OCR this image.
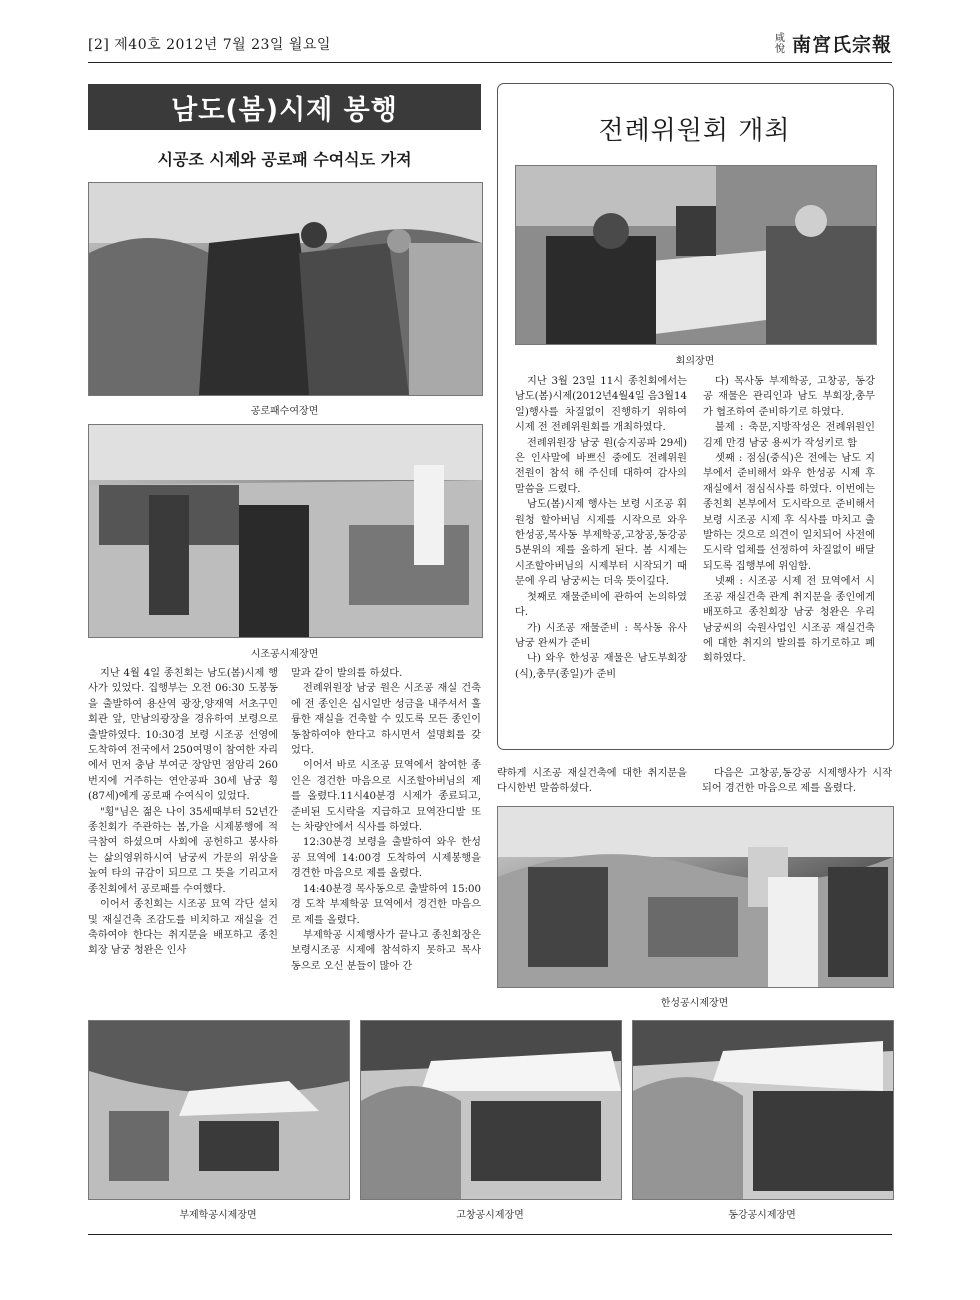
[2] 제40호 2012년 7월 23일 월요일	咸悅 南宮氏宗報
남도(봄)시제 봉행
시공조 시제와 공로패 수여식도 가져
공로패수여장면
시조공시제장면

지난 4월 4일 종친회는 남도(봄)시제 행사가 있었다. 집행부는 오전 06:30 도봉동을 출발하여 용산역 광장,양재역 서초구민회관 앞, 만남의광장을 경유하여 보령으로 출발하였다. 10:30경 보령 시조공 선영에 도착하여 전국에서 250여명이 참여한 자리에서 먼저 충남 부여군 장암면 점암리 260번지에 거주하는 연안공파 30세 남궁 횡(87세)에게 공로패 수여식이 있었다.

"횡"님은 젊은 나이 35세때부터 52년간 종친회가 주관하는 봄,가을 시제봉행에 적극참여 하셨으며 사회에 공헌하고 봉사하는 삶의영위하시여 남궁씨 가문의 위상을 높여 타의 규감이 되므로 그 뜻을 기리고저 종친회에서 공로패를 수여했다.

이어서 종친회는 시조공 묘역 각단 설치 및 재실건축 조감도를 비치하고 재실을 건축하여야 한다는 취지문을 배포하고 종친회장 남궁 청완은 인사

말과 같이 발의를 하셨다.

전례위원장 남궁 원은 시조공 재실 건축에 전 종인은 십시일반 성금을 내주셔서 훌륭한 재실을 건축할 수 있도록 모든 종인이 동참하여야 한다고 하시면서 설명회를 갖었다.

이어서 바로 시조공 묘역에서 참여한 종인은 경건한 마음으로 시조할아버님의 제를 올렸다.11시40분경 시제가 종료되고, 준비된 도시락을 지급하고 묘역잔디밭 또는 차량안에서 식사를 하였다.

12:30분경 보령을 출발하여 와우 한성공 묘역에 14:00경 도착하여 시제봉행을 경견한 마음으로 제를 올렸다.

14:40분경 목사동으로 출발하여 15:00경 도착 부제학공 묘역에서 경건한 마음으로 제를 올렸다.

부제학공 시제행사가 끝나고 종친회장은 보령시조공 시제에 참석하지 못하고 목사동으로 오신 분들이 많아 간

전례위원회 개최
회의장면

지난 3월 23일 11시 종친회에서는 남도(봄)시제(2012년4월4일 음3월14일)행사를 차질없이 진행하기 위하여 시제 전 전례위원회를 개최하였다.

전례위원장 남궁 원(승지공파 29세)은 인사말에 바쁘신 중에도 전례위원 전원이 참석 해 주신데 대하여 감사의 말씀을 드렸다.

남도(봄)시제 행사는 보령 시조공 휘 원청 할아버님 시제를 시작으로 와우 한성공,목사동 부제학공,고창공,동강공 5분위의 제를 올하게 된다. 봄 시제는 시조할아버님의 시제부터 시작되기 때문에 우리 남궁씨는 더욱 뜻이깊다.

첫째로 재물준비에 관하여 논의하였다.

가) 시조공 재물준비 : 목사동 유사 남궁 완씨가 준비

나) 와우 한성공 재물은 남도부회장(식),총무(종일)가 준비

다) 목사동 부제학공, 고창공, 동강공 재물은 관리인과 남도 부회장,총무가 협조하여 준비하기로 하였다.

불제 : 축문,지방작성은 전례위원인 김제 만경 남궁 용씨가 작성키로 함

셋째 : 점심(중식)은 전에는 남도 지부에서 준비해서 와우 한성공 시제 후 재실에서 점심식사를 하였다. 이번에는 종친회 본부에서 도시락으로 준비해서 보령 시조공 시제 후 식사를 마치고 출발하는 것으로 의견이 일치되어 사전에 도시락 업체를 선정하여 차질없이 배달되도록 집행부에 위임함.

넷째 : 시조공 시제 전 묘역에서 시조공 재실건축 관계 취지문을 종인에게 배포하고 종친회장 남궁 청완은 우리 남궁씨의 숙원사업인 시조공 재실건축에 대한 취지의 발의를 하기로하고 폐회하였다.

략하게 시조공 재실건축에 대한 취지문을 다시한번 말씀하셨다.

다음은 고창공,동강공 시제행사가 시작되어 경건한 마음으로 제를 올렸다.

한성공시제장면
부제학공시제장면	고창공시제장면	동강공시제장면
